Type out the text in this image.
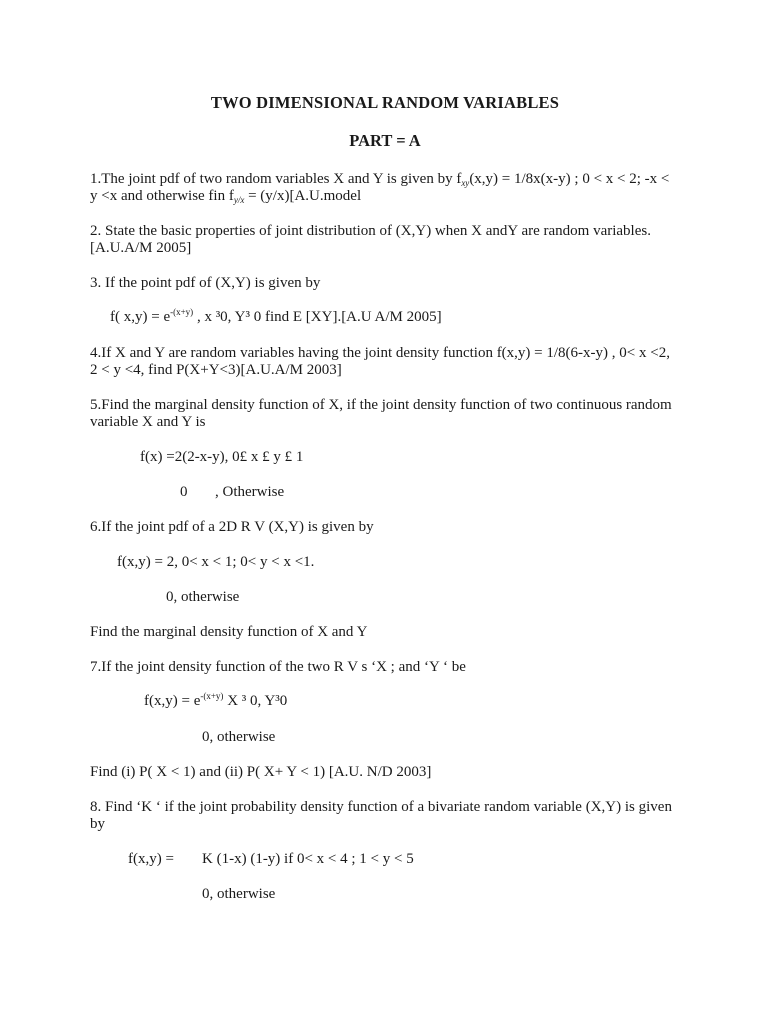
TWO DIMENSIONAL RANDOM VARIABLES
PART = A
1.The joint pdf of two random variables X and Y is given by $f_{xy}(x,y) = 1/8x(x-y)$ ; 0 < x < 2; -x <
y <x and otherwise fin $f_{y/x}$ = (y/x)[A.U.model
2. State the basic properties of joint distribution of (X,Y) when X andY are random variables.
[A.U.A/M 2005]
3. If the point pdf of (X,Y) is given by
f( $x,y) = e^{-(x+y)}$ , x ³0, Y³ 0 find E [XY].[A.U A/M 2005]
4.If X and Y are random variables having the joint density function f(x,y) = 1/8(6-x-y) , 0< x <2,
2 < y <4, find P(X+Y<3)[A.U.A/M 2003]
5.Find the marginal density function of X, if the joint density function of two continuous random
variable X and Y is
f(x) =2(2-x-y), 0£ x £ y £ 1
0 , Otherwise
6.If the joint pdf of a 2D R V (X,Y) is given by
f(x,y) = 2, 0< x < 1; 0< y < x <1.
0, otherwise
Find the marginal density function of X and Y
7.If the joint density function of the two R V s ‘X ; and ‘Y ‘ be
$f(x,y) = e^{-(x+y)}$ X ³ 0, Y³0
0, otherwise
Find (i) P( X < 1) and (ii) P( X+ Y < 1) [A.U. N/D 2003]
8. Find ‘K ‘ if the joint probability density function of a bivariate random variable (X,Y) is given
by
f(x,y) = K (1-x) (1-y) if 0< x < 4 ; 1 < y < 5
0, otherwise
